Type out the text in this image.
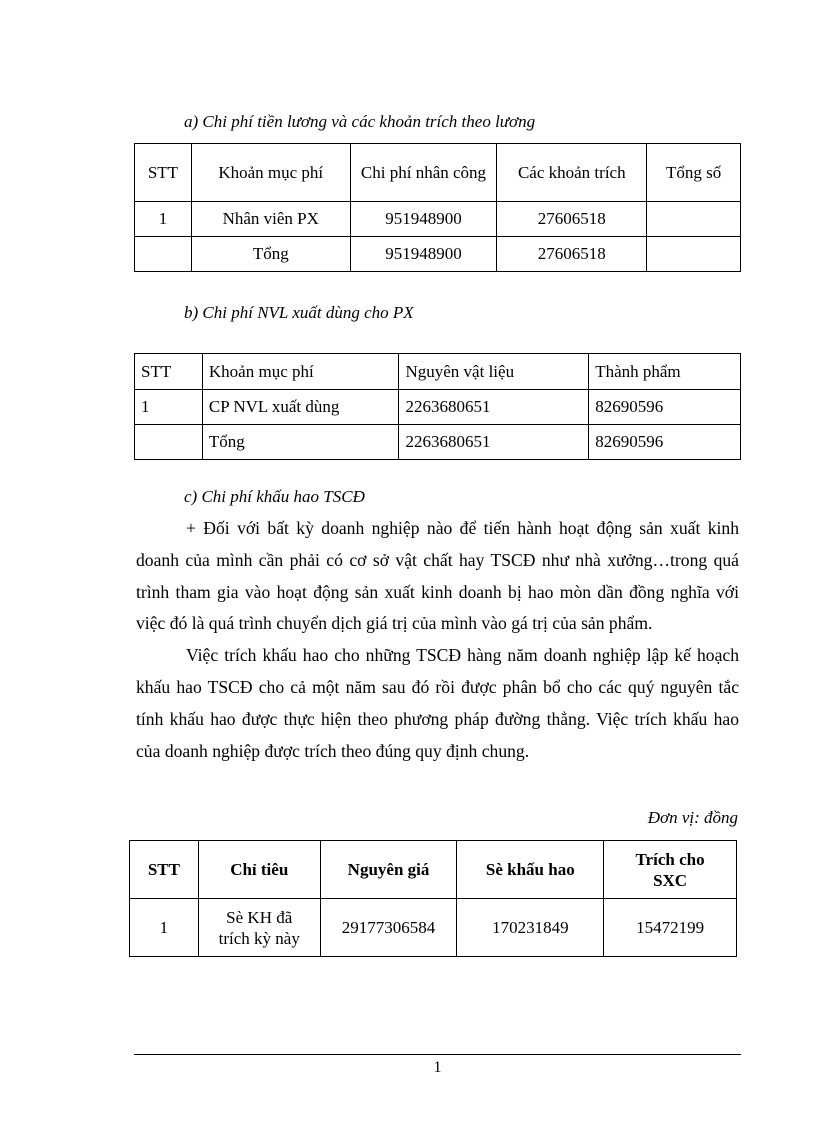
a) Chi phí tiền lương và các khoản trích theo lương
STT	Khoản mục phí	Chi phí nhân công	Các khoản trích	Tổng số
1	Nhân viên PX	951948900	27606518	
	Tổng	951948900	27606518	
b) Chi phí NVL xuất dùng cho PX
STT	Khoản mục phí	Nguyên vật liệu	Thành phẩm
1	CP NVL xuất dùng	2263680651	82690596
	Tổng	2263680651	82690596
c) Chi phí khấu hao TSCĐ

+ Đối với bất kỳ doanh nghiệp nào để tiến hành hoạt động sản xuất kinh doanh của mình cần phải có cơ sở vật chất hay TSCĐ như nhà xưởng…trong quá trình tham gia vào hoạt động sản xuất kinh doanh bị hao mòn dần đồng nghĩa với việc đó là quá trình chuyển dịch giá trị của mình vào gá trị của sản phẩm.

Việc trích khấu hao cho những TSCĐ hàng năm doanh nghiệp lập kế hoạch khấu hao TSCĐ cho cả một năm sau đó rồi được phân bổ cho các quý nguyên tắc tính khấu hao được thực hiện theo phương pháp đường thẳng. Việc trích khấu hao của doanh nghiệp được trích theo đúng quy định chung.

Đơn vị: đồng
STT	Chỉ tiêu	Nguyên giá	Sè khấu hao	Trích cho SXC
1	Sè KH đã trích kỳ này	29177306584	170231849	15472199
1
